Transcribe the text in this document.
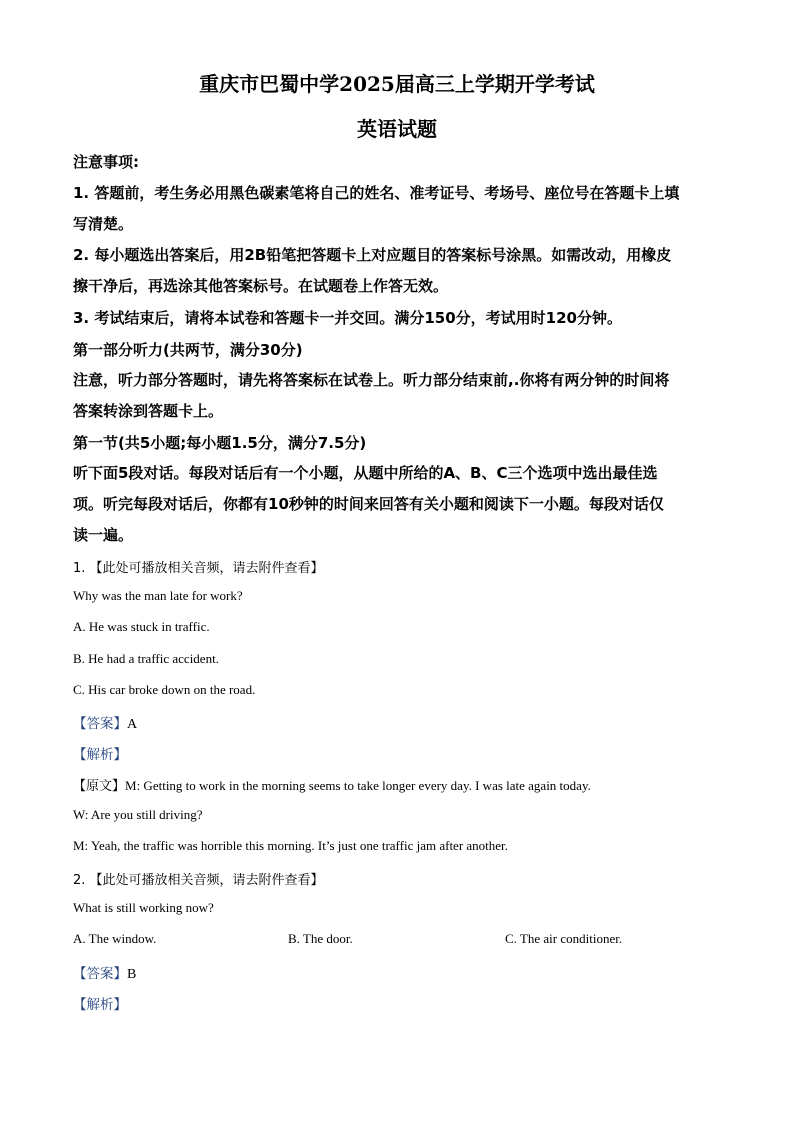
重庆市巴蜀中学2025届高三上学期开学考试
英语试题
注意事项:
1. 答题前，考生务必用黑色碳素笔将自己的姓名、准考证号、考场号、座位号在答题卡上填
写清楚。
2. 每小题选出答案后，用2B铅笔把答题卡上对应题目的答案标号涂黑。如需改动，用橡皮
擦干净后，再选涂其他答案标号。在试题卷上作答无效。
3. 考试结束后，请将本试卷和答题卡一并交回。满分150分，考试用时120分钟。
第一部分听力(共两节，满分30分)
注意，听力部分答题时，请先将答案标在试卷上。听力部分结束前,.你将有两分钟的时间将
答案转涂到答题卡上。
第一节(共5小题;每小题1.5分，满分7.5分)
听下面5段对话。每段对话后有一个小题，从题中所给的A、B、C三个选项中选出最佳选
项。听完每段对话后，你都有10秒钟的时间来回答有关小题和阅读下一小题。每段对话仅
读一遍。
1. 【此处可播放相关音频，请去附件查看】
Why was the man late for work?
A. He was stuck in traffic.
B. He had a traffic accident.
C. His car broke down on the road.
【答案】A
【解析】
【原文】M: Getting to work in the morning seems to take longer every day. I was late again today.
W: Are you still driving?
M: Yeah, the traffic was horrible this morning. It’s just one traffic jam after another.
2. 【此处可播放相关音频，请去附件查看】
What is still working now?
A. The window.	B. The door.	C. The air conditioner.
【答案】B
【解析】
